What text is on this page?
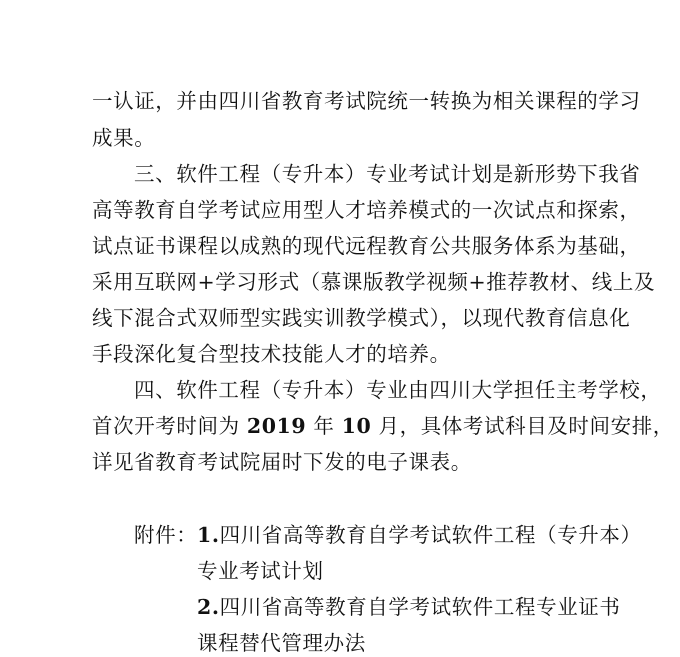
一认证，并由四川省教育考试院统一转换为相关课程的学习
成果。
三、软件工程（专升本）专业考试计划是新形势下我省
高等教育自学考试应用型人才培养模式的一次试点和探索，
试点证书课程以成熟的现代远程教育公共服务体系为基础，
采用互联网+学习形式（慕课版教学视频+推荐教材、线上及
线下混合式双师型实践实训教学模式），以现代教育信息化
手段深化复合型技术技能人才的培养。
四、软件工程（专升本）专业由四川大学担任主考学校，
首次开考时间为 2019 年 10 月，具体考试科目及时间安排，
详见省教育考试院届时下发的电子课表。
附件： 1.四川省高等教育自学考试软件工程（专升本）
专业考试计划
2.四川省高等教育自学考试软件工程专业证书
课程替代管理办法
